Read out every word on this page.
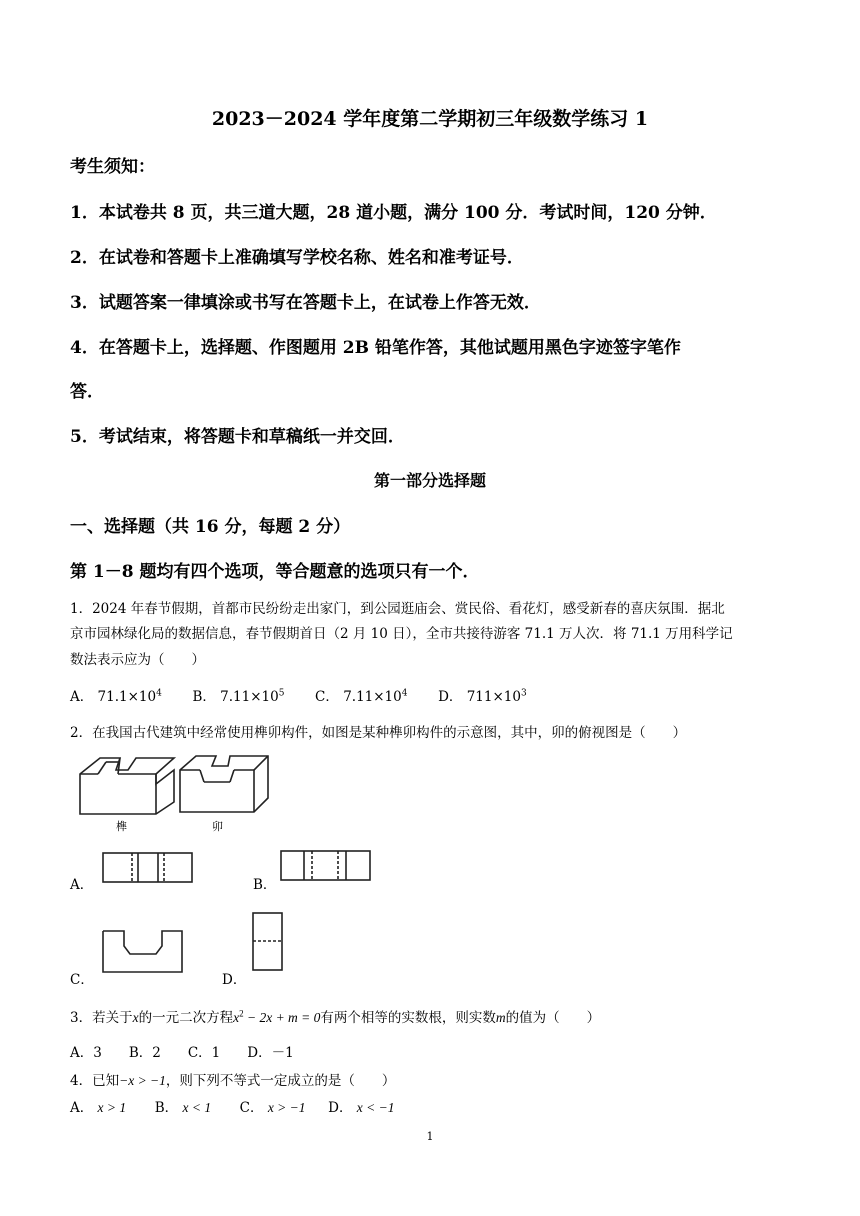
2023－2024 学年度第二学期初三年级数学练习 1
考生须知：
1．本试卷共 8 页，共三道大题，28 道小题，满分 100 分．考试时间，120 分钟．
2．在试卷和答题卡上准确填写学校名称、姓名和准考证号．
3．试题答案一律填涂或书写在答题卡上，在试卷上作答无效．
4．在答题卡上，选择题、作图题用 2B 铅笔作答，其他试题用黑色字迹签字笔作
答．
5．考试结束，将答题卡和草稿纸一并交回．
第一部分选择题
一、选择题（共 16 分，每题 2 分）
第 1－8 题均有四个选项，等合题意的选项只有一个．
1．2024 年春节假期，首都市民纷纷走出家门，到公园逛庙会、赏民俗、看花灯，感受新春的喜庆氛围．据北
京市园林绿化局的数据信息，春节假期首日（2 月 10 日），全市共接待游客 71.1 万人次．将 71.1 万用科学记
数法表示应为（　　）
A． $71.1\times 10^4$ B． $7.11\times 10^5$ C． $7.11\times 10^4$ D． $711\times 10^3$
2．在我国古代建筑中经常使用榫卯构件，如图是某种榫卯构件的示意图，其中，卯的俯视图是（　　）
榫	卯
A．	B．
C．	D．
3．若关于x的一元二次方程$x^2 - 2x + m = 0$有两个相等的实数根，则实数m的值为（　　）
A．3　　B．2　　C．1　　D．－1
4．已知−x > −1，则下列不等式一定成立的是（　　）
A． x > 1 B． x < 1 C． x > −1 D． x < −1
1
